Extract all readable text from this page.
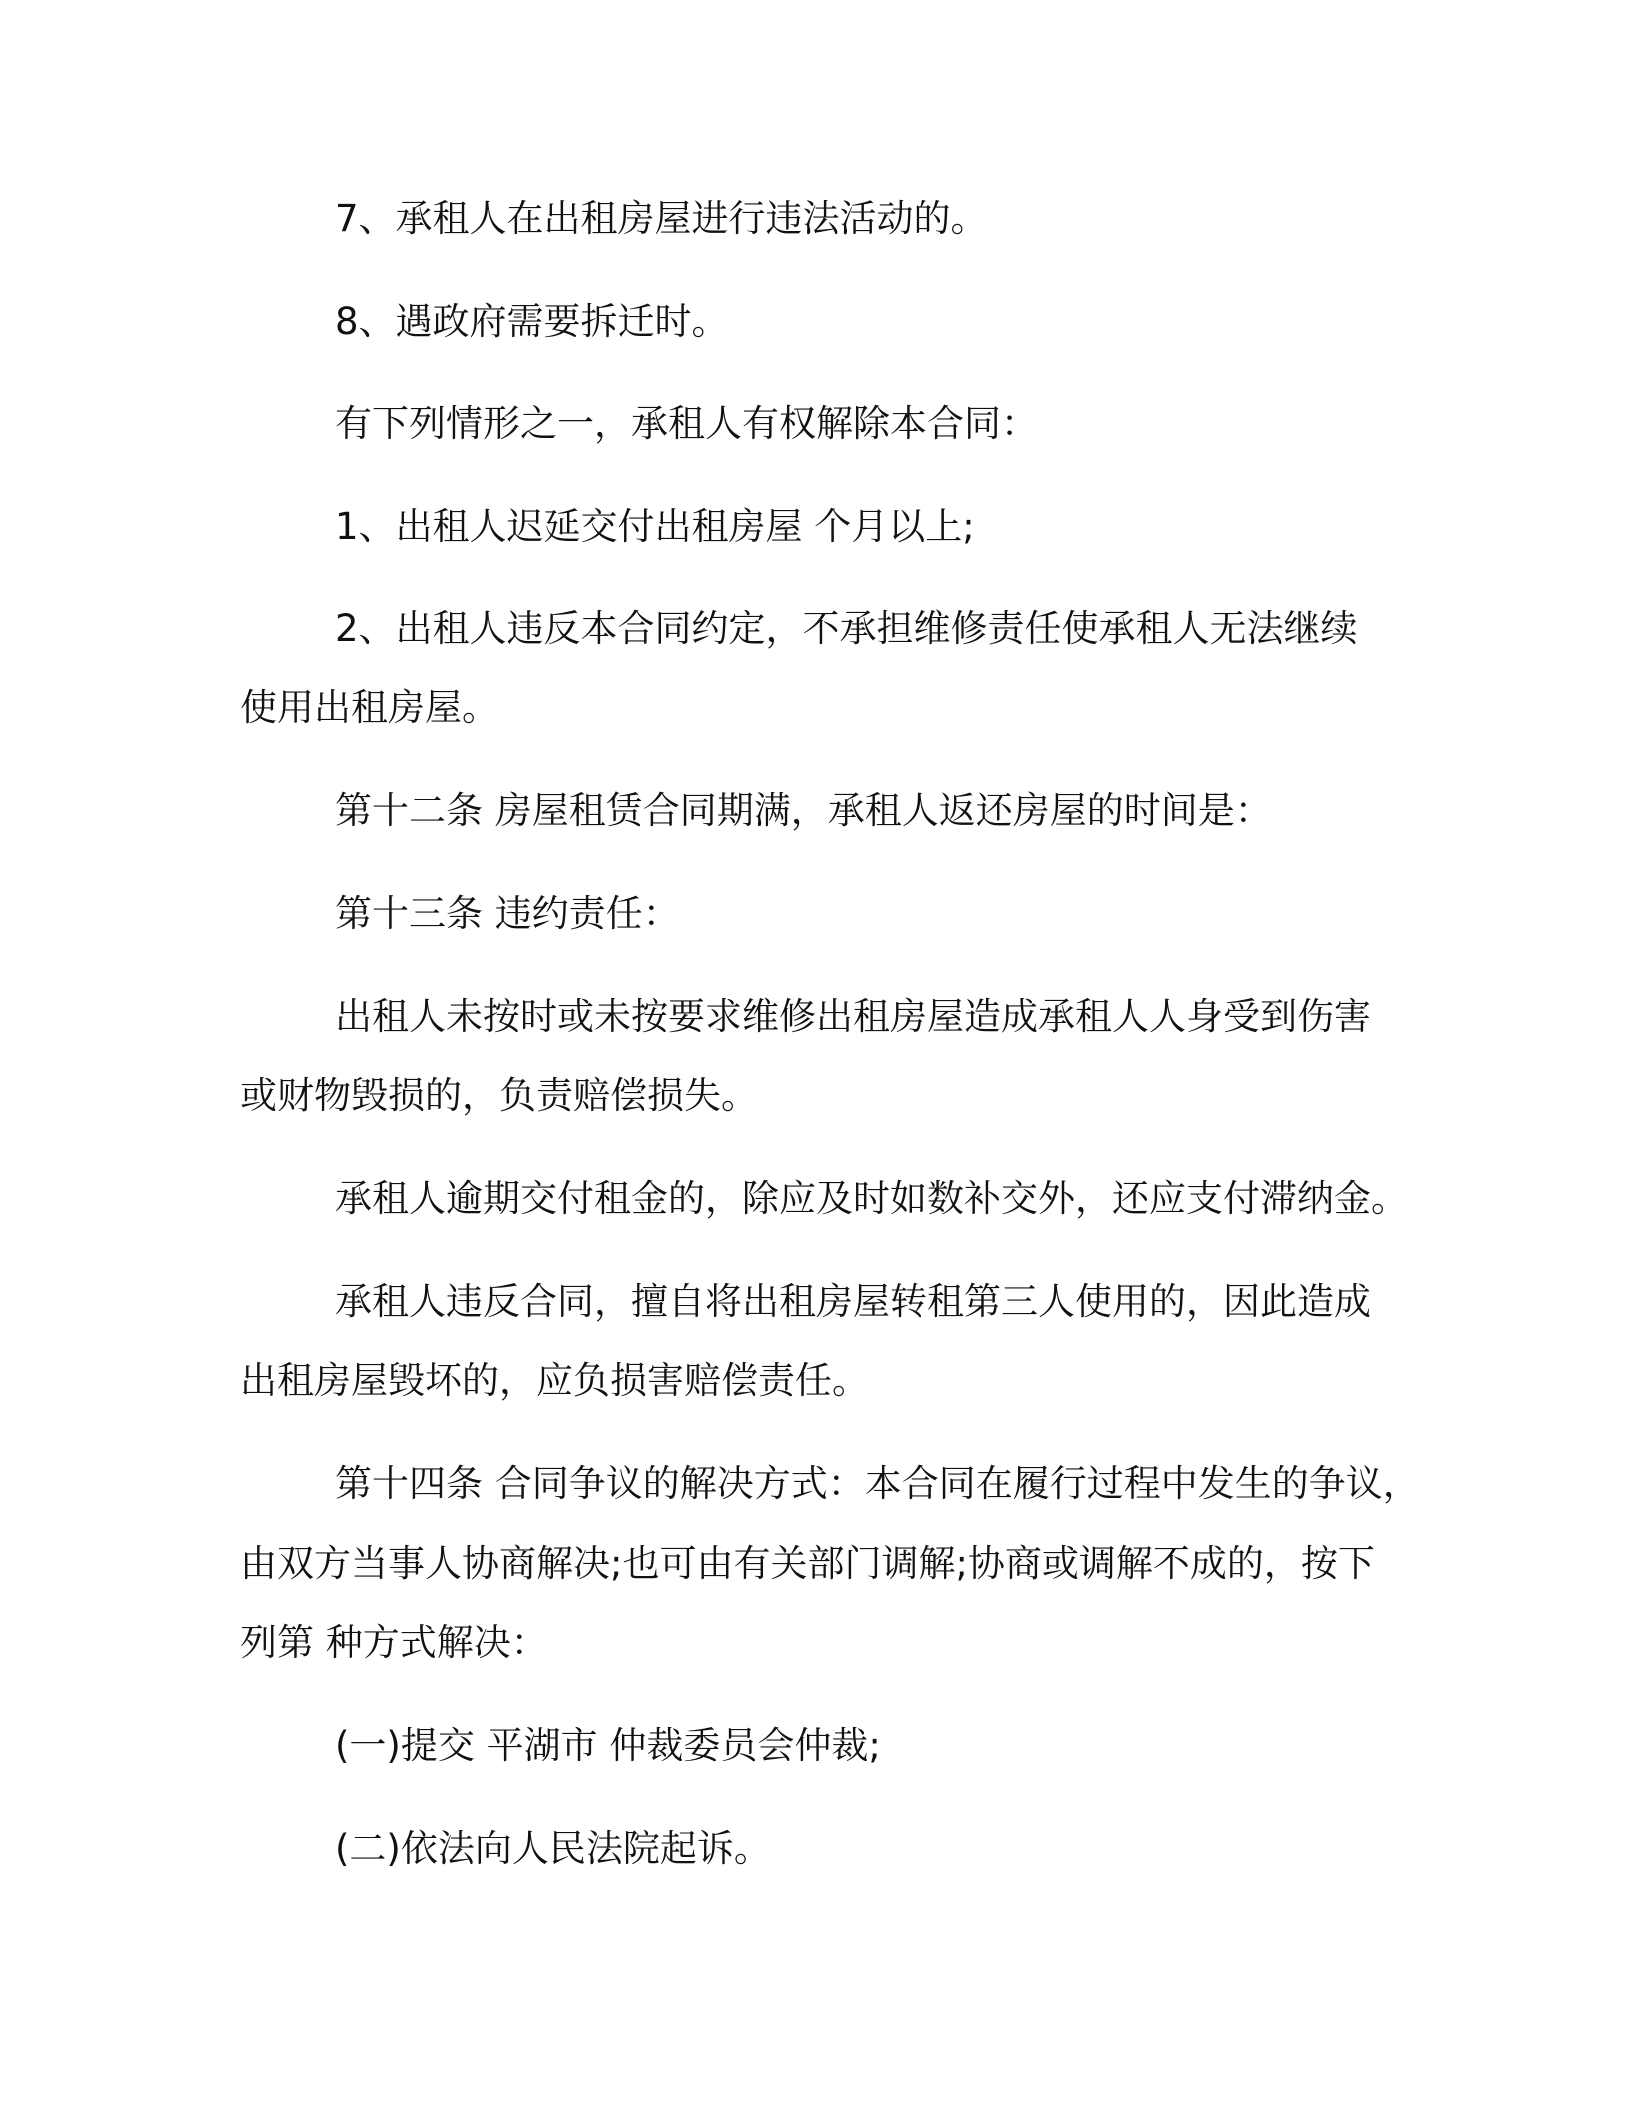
7、承租人在出租房屋进行违法活动的。
8、遇政府需要拆迁时。
有下列情形之一，承租人有权解除本合同：
1、出租人迟延交付出租房屋 个月以上;
2、出租人违反本合同约定，不承担维修责任使承租人无法继续
使用出租房屋。
第十二条 房屋租赁合同期满，承租人返还房屋的时间是：
第十三条 违约责任：
出租人未按时或未按要求维修出租房屋造成承租人人身受到伤害
或财物毁损的，负责赔偿损失。
承租人逾期交付租金的，除应及时如数补交外，还应支付滞纳金。
承租人违反合同，擅自将出租房屋转租第三人使用的，因此造成
出租房屋毁坏的，应负损害赔偿责任。
第十四条 合同争议的解决方式：本合同在履行过程中发生的争议，
由双方当事人协商解决;也可由有关部门调解;协商或调解不成的，按下
列第 种方式解决：
(一)提交 平湖市 仲裁委员会仲裁;
(二)依法向人民法院起诉。
